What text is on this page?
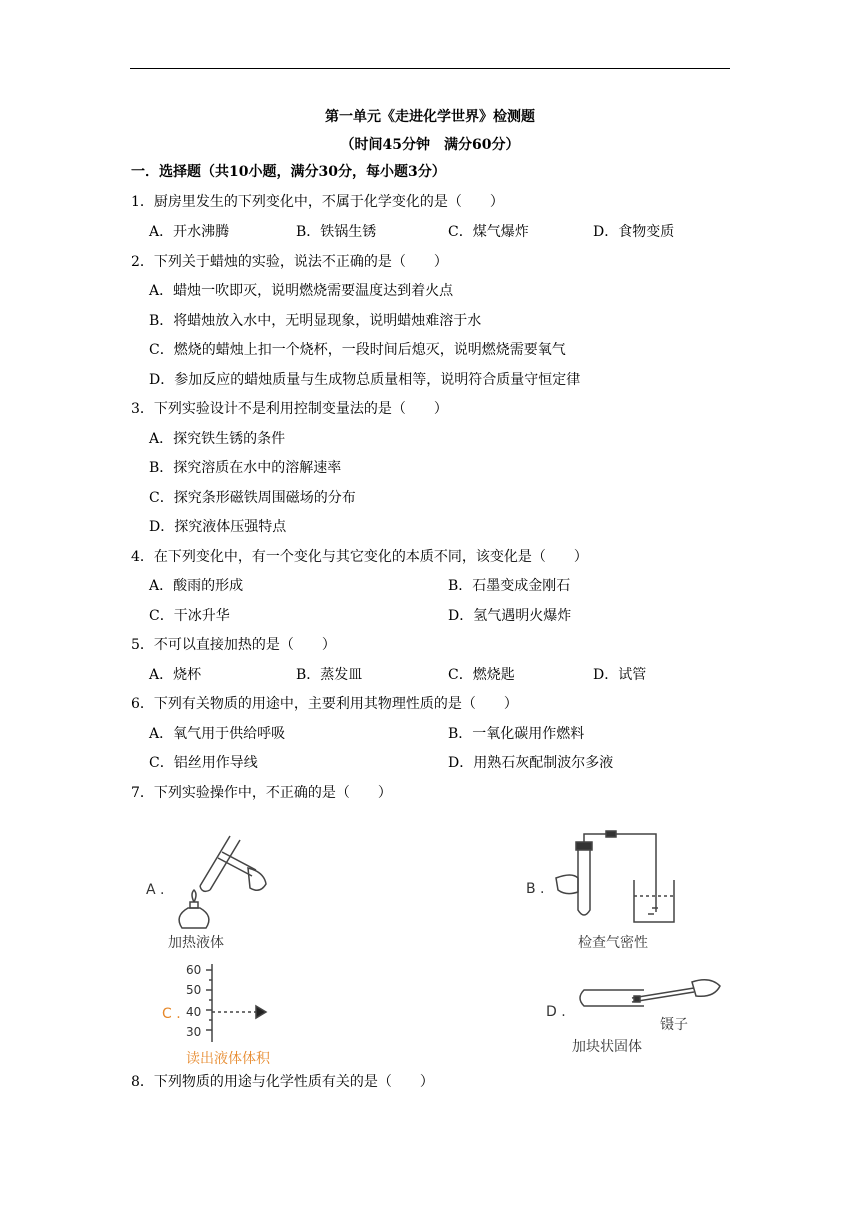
第一单元《走进化学世界》检测题
（时间45分钟　满分60分）
一．选择题（共10小题，满分30分，每小题3分）
1．厨房里发生的下列变化中，不属于化学变化的是（　　）
A．开水沸腾	B．铁锅生锈	C．煤气爆炸	D．食物变质
2．下列关于蜡烛的实验，说法不正确的是（　　）
A．蜡烛一吹即灭，说明燃烧需要温度达到着火点
B．将蜡烛放入水中，无明显现象，说明蜡烛难溶于水
C．燃烧的蜡烛上扣一个烧杯，一段时间后熄灭，说明燃烧需要氧气
D．参加反应的蜡烛质量与生成物总质量相等，说明符合质量守恒定律
3．下列实验设计不是利用控制变量法的是（　　）
A．探究铁生锈的条件
B．探究溶质在水中的溶解速率
C．探究条形磁铁周围磁场的分布
D．探究液体压强特点
4．在下列变化中，有一个变化与其它变化的本质不同，该变化是（　　）
A．酸雨的形成	B．石墨变成金刚石
C．干冰升华	D．氢气遇明火爆炸
5．不可以直接加热的是（　　）
A．烧杯	B．蒸发皿	C．燃烧匙	D．试管
6．下列有关物质的用途中，主要利用其物理性质的是（　　）
A．氧气用于供给呼吸	B．一氧化碳用作燃料
C．铝丝用作导线	D．用熟石灰配制波尔多液
7．下列实验操作中，不正确的是（　　）
A .
加热液体
B .
检查气密性
C .
60
50
40
30
读出液体体积
D .
镊子
加块状固体
8．下列物质的用途与化学性质有关的是（　　）
